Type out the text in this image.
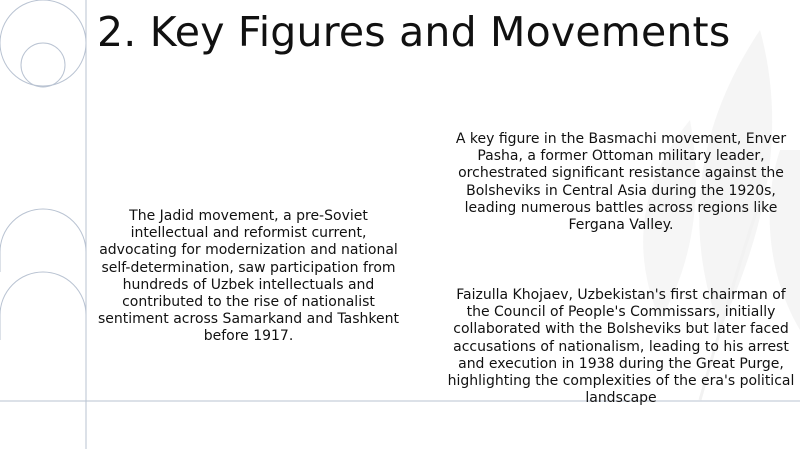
2. Key Figures and Movements

The Jadid movement, a pre-Soviet intellectual and reformist current, advocating for modernization and national self-determination, saw participation from hundreds of Uzbek intellectuals and contributed to the rise of nationalist sentiment across Samarkand and Tashkent before 1917.

A key figure in the Basmachi movement, Enver Pasha, a former Ottoman military leader, orchestrated significant resistance against the Bolsheviks in Central Asia during the 1920s, leading numerous battles across regions like Fergana Valley.

Faizulla Khojaev, Uzbekistan's first chairman of the Council of People's Commissars, initially collaborated with the Bolsheviks but later faced accusations of nationalism, leading to his arrest and execution in 1938 during the Great Purge, highlighting the complexities of the era's political landscape
